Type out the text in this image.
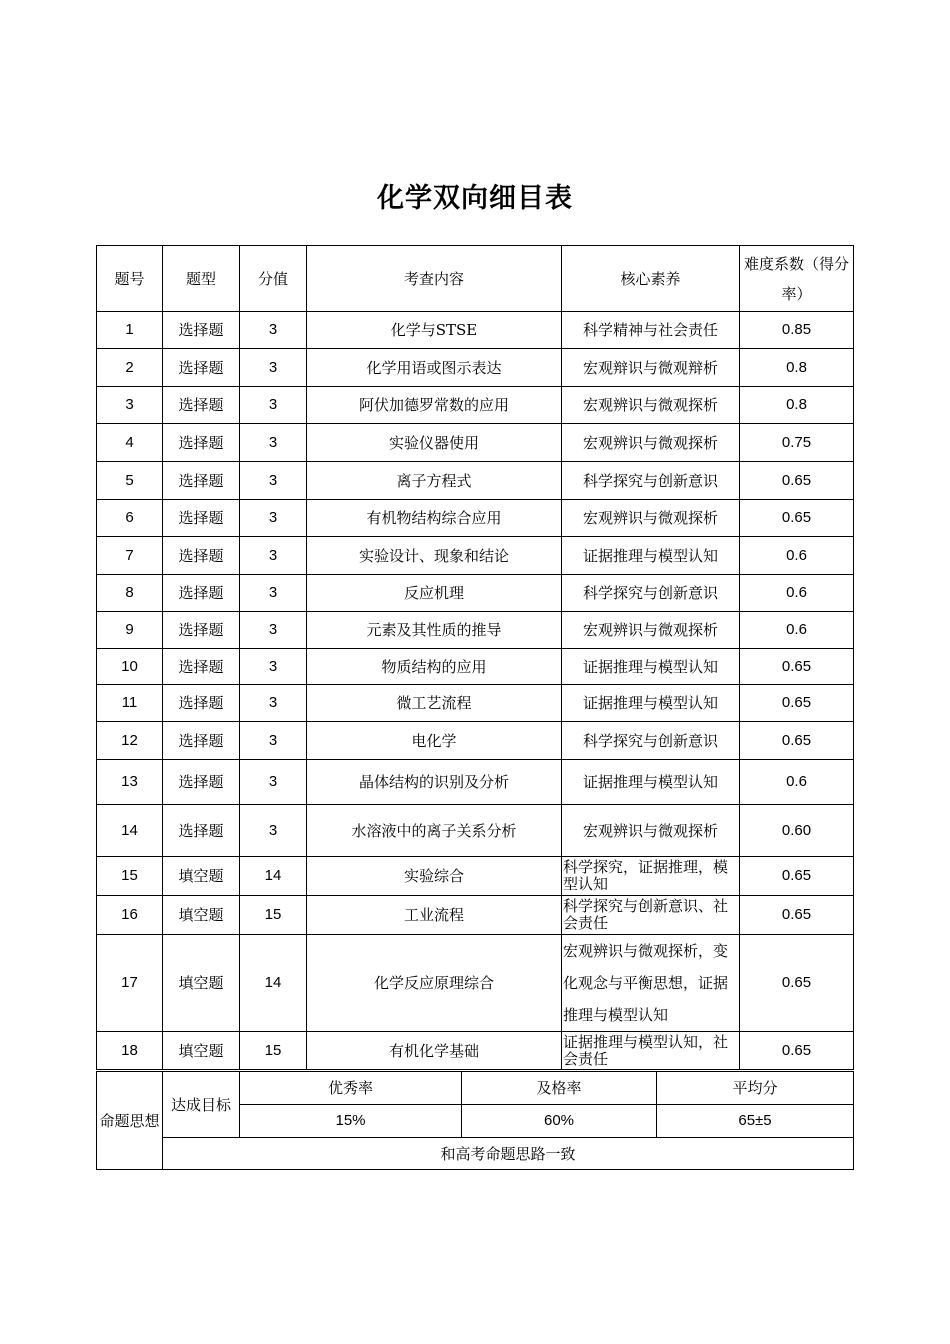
化学双向细目表
题号	题型	分值	考查内容	核心素养	难度系数（得分率）
1	选择题	3	化学与STSE	科学精神与社会责任	0.85
2	选择题	3	化学用语或图示表达	宏观辩识与微观辩析	0.8
3	选择题	3	阿伏加德罗常数的应用	宏观辨识与微观探析	0.8
4	选择题	3	实验仪器使用	宏观辨识与微观探析	0.75
5	选择题	3	离子方程式	科学探究与创新意识	0.65
6	选择题	3	有机物结构综合应用	宏观辨识与微观探析	0.65
7	选择题	3	实验设计、现象和结论	证据推理与模型认知	0.6
8	选择题	3	反应机理	科学探究与创新意识	0.6
9	选择题	3	元素及其性质的推导	宏观辨识与微观探析	0.6
10	选择题	3	物质结构的应用	证据推理与模型认知	0.65
11	选择题	3	微工艺流程	证据推理与模型认知	0.65
12	选择题	3	电化学	科学探究与创新意识	0.65
13	选择题	3	晶体结构的识别及分析	证据推理与模型认知	0.6
14	选择题	3	水溶液中的离子关系分析	宏观辨识与微观探析	0.60
15	填空题	14	实验综合	科学探究，证据推理，模型认知	0.65
16	填空题	15	工业流程	科学探究与创新意识、社会责任	0.65
17	填空题	14	化学反应原理综合	宏观辨识与微观探析，变化观念与平衡思想，证据推理与模型认知	0.65
18	填空题	15	有机化学基础	证据推理与模型认知，社会责任	0.65
命题思想	达成目标	优秀率	及格率	平均分
		15%	60%	65±5
	和高考命题思路一致			
